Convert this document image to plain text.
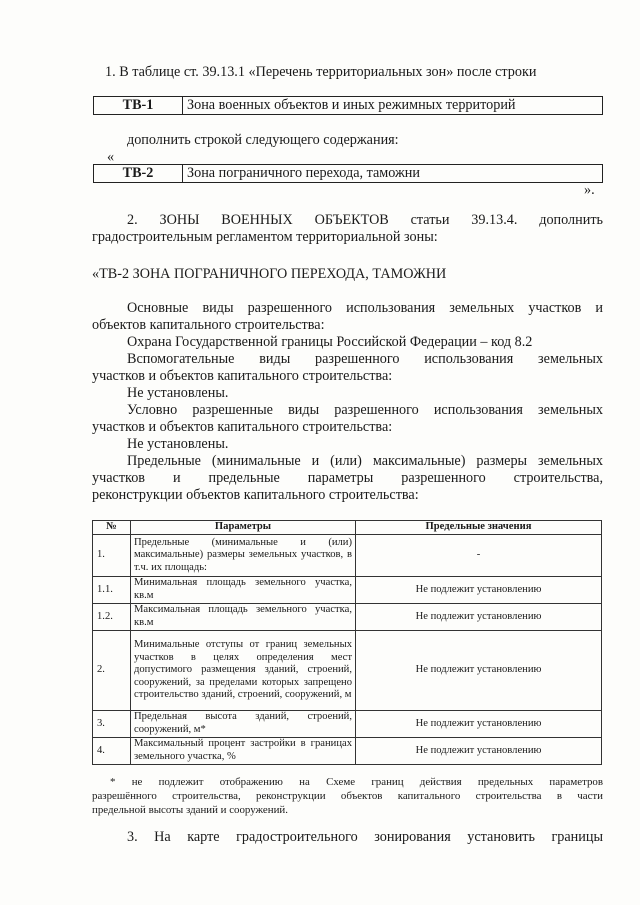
1. В таблице ст. 39.13.1 «Перечень территориальных зон» после строки
ТВ-1	Зона военных объектов и иных режимных территорий
дополнить строкой следующего содержания:
«
ТВ-2	Зона пограничного перехода, таможни
».
2. ЗОНЫ ВОЕННЫХ ОБЪЕКТОВ статьи 39.13.4. дополнить
градостроительным регламентом территориальной зоны:
«ТВ-2 ЗОНА ПОГРАНИЧНОГО ПЕРЕХОДА, ТАМОЖНИ
Основные виды разрешенного использования земельных участков и
объектов капитального строительства:
Охрана Государственной границы Российской Федерации – код 8.2
Вспомогательные виды разрешенного использования земельных
участков и объектов капитального строительства:
Не установлены.
Условно разрешенные виды разрешенного использования земельных
участков и объектов капитального строительства:
Не установлены.
Предельные (минимальные и (или) максимальные) размеры земельных
участков и предельные параметры разрешенного строительства,
реконструкции объектов капитального строительства:
№	Параметры	Предельные значения
1.	Предельные (минимальные и (или) максимальные) размеры земельных участков, в т.ч. их площадь:	-
1.1.	Минимальная площадь земельного участка, кв.м	Не подлежит установлению
1.2.	Максимальная площадь земельного участка, кв.м	Не подлежит установлению
2.	Минимальные отступы от границ земельных участков в целях определения мест допустимого размещения зданий, строений, сооружений, за пределами которых запрещено строительство зданий, строений, сооружений, м	Не подлежит установлению
3.	Предельная высота зданий, строений, сооружений, м*	Не подлежит установлению
4.	Максимальный процент застройки в границах земельного участка, %	Не подлежит установлению
* не подлежит отображению на Схеме границ действия предельных параметров
разрешённого строительства, реконструкции объектов капитального строительства в части
предельной высоты зданий и сооружений.
3. На карте градостроительного зонирования установить границы
